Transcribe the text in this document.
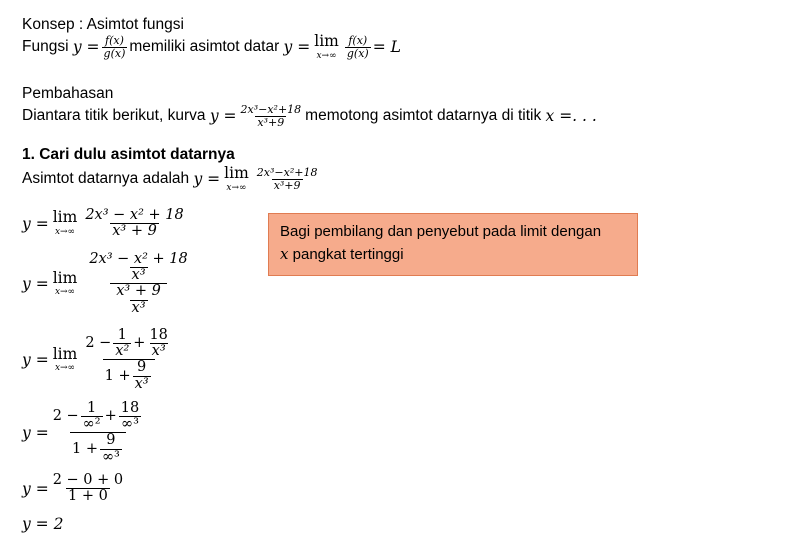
Konsep : Asimtot fungsi
Fungsi
$y = \frac{f(x)}{g(x)}$ memiliki asimtot datar
y = lim
$x\to\infty \frac{f(x)}{g(x)} = L$
Pembahasan
Diantara titik berikut, kurva
$y = \frac{\text{2x³−x²+18}}{\text{x³+9}}$ memotong asimtot datarnya di titik
x =. . .
1. Cari dulu asimtot datarnya
Asimtot datarnya adalah
y = lim
$x\to\infty \frac{\text{2x³−x²+18}}{\text{x³+9}}$
Bagi pembilang dan penyebut pada limit dengan
x pangkat tertinggi
y = lim
$x\to\infty \frac{\text{2x³ − x² + 18}}{\text{x³ + 9}}$
y = lim
$x\to\infty \frac{\frac{\text{2x³ − x² + 18}}{\text{x³}}}{\frac{\text{x³ + 9}}{\text{x³}}}$
y = lim
$x\to\infty \frac{2 - \frac{1}{\text{x²}} + \frac{18}{\text{x³}}}{1 + \frac{9}{\text{x³}}}$
$y = \frac{2 - \frac{1}{\text{∞²}} + \frac{18}{\text{∞³}}}{1 + \frac{9}{\text{∞³}}}$
$y = \frac{2 - 0 + 0}{1 + 0}$
y = 2
